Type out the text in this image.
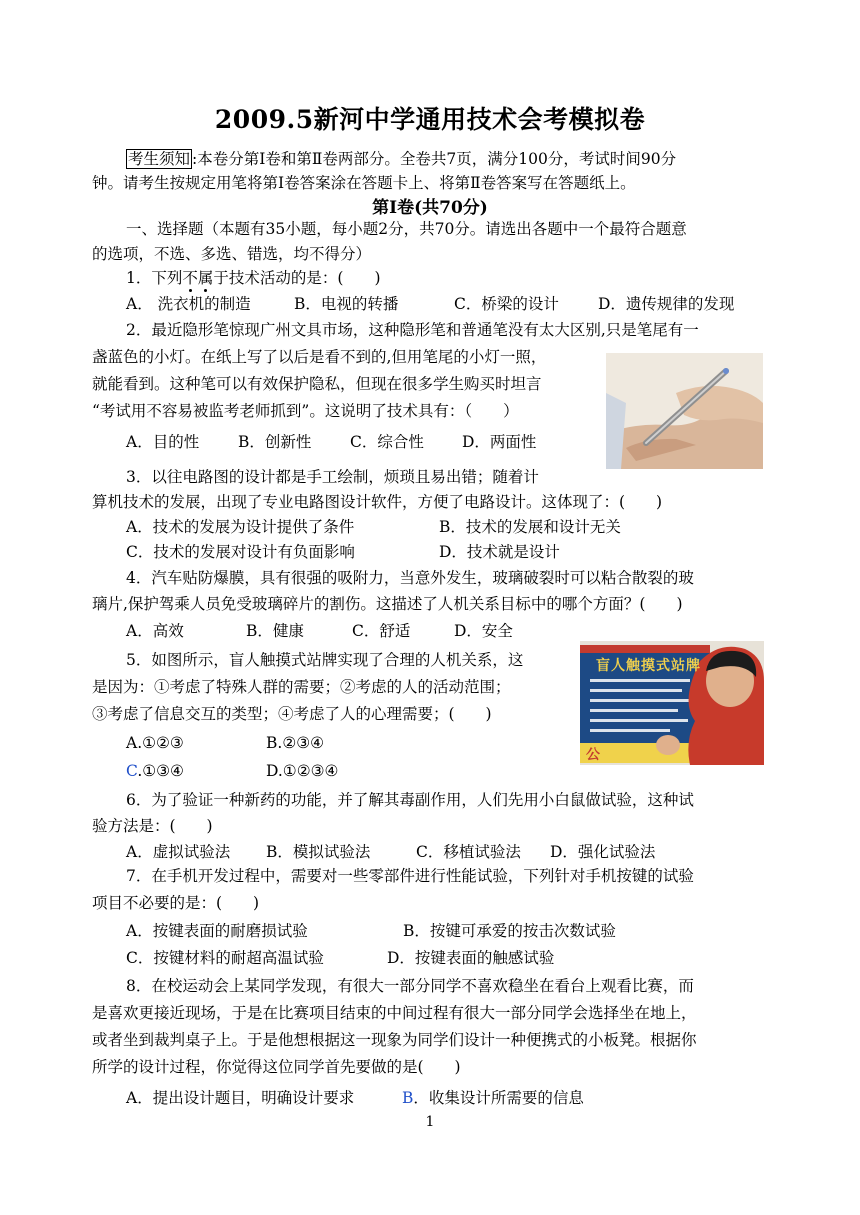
2009.5新河中学通用技术会考模拟卷
考生须知 :本卷分第Ⅰ卷和第Ⅱ卷两部分。全卷共7页，满分100分，考试时间90分
钟。请考生按规定用笔将第Ⅰ卷答案涂在答题卡上、将第Ⅱ卷答案写在答题纸上。
第Ⅰ卷(共70分)
一、选择题（本题有35小题，每小题2分，共70分。请选出各题中一个最符合题意
的选项，不选、多选、错选，均不得分）
1．下列不属于技术活动的是：(　　)
A． 洗衣机的制造	B．电视的转播	C．桥梁的设计	D．遗传规律的发现
2．最近隐形笔惊现广州文具市场，这种隐形笔和普通笔没有太大区别,只是笔尾有一
盏蓝色的小灯。在纸上写了以后是看不到的,但用笔尾的小灯一照，
就能看到。这种笔可以有效保护隐私，但现在很多学生购买时坦言
“考试用不容易被监考老师抓到”。这说明了技术具有：（　　）
A．目的性	B．创新性 C．综合性 D．两面性
3．以往电路图的设计都是手工绘制，烦琐且易出错；随着计
算机技术的发展，出现了专业电路图设计软件，方便了电路设计。这体现了：(　　)
A．技术的发展为设计提供了条件	B．技术的发展和设计无关
C．技术的发展对设计有负面影响	D．技术就是设计
4．汽车贴防爆膜，具有很强的吸附力，当意外发生，玻璃破裂时可以粘合散裂的玻
璃片,保护驾乘人员免受玻璃碎片的割伤。这描述了人机关系目标中的哪个方面？(　　)
A．高效	B．健康	C．舒适	D．安全
5．如图所示，盲人触摸式站牌实现了合理的人机关系，这
是因为：①考虑了特殊人群的需要；②考虑的人的活动范围；
③考虑了信息交互的类型；④考虑了人的心理需要；(　　)
A.①②③	B.②③④
C.①③④	D.①②③④
盲人触摸式站牌
公
6．为了验证一种新药的功能，并了解其毒副作用，人们先用小白鼠做试验，这种试
验方法是：(　　)
A．虚拟试验法 B．模拟试验法	C．移植试验法 D．强化试验法
7．在手机开发过程中，需要对一些零部件进行性能试验，下列针对手机按键的试验
项目不必要的是：(　　)
A．按键表面的耐磨损试验	B．按键可承爱的按击次数试验
C．按键材料的耐超高温试验	D．按键表面的触感试验
8．在校运动会上某同学发现，有很大一部分同学不喜欢稳坐在看台上观看比赛，而
是喜欢更接近现场，于是在比赛项目结束的中间过程有很大一部分同学会选择坐在地上，
或者坐到裁判桌子上。于是他想根据这一现象为同学们设计一种便携式的小板凳。根据你
所学的设计过程，你觉得这位同学首先要做的是(　　)
A．提出设计题目，明确设计要求	B．收集设计所需要的信息
1
